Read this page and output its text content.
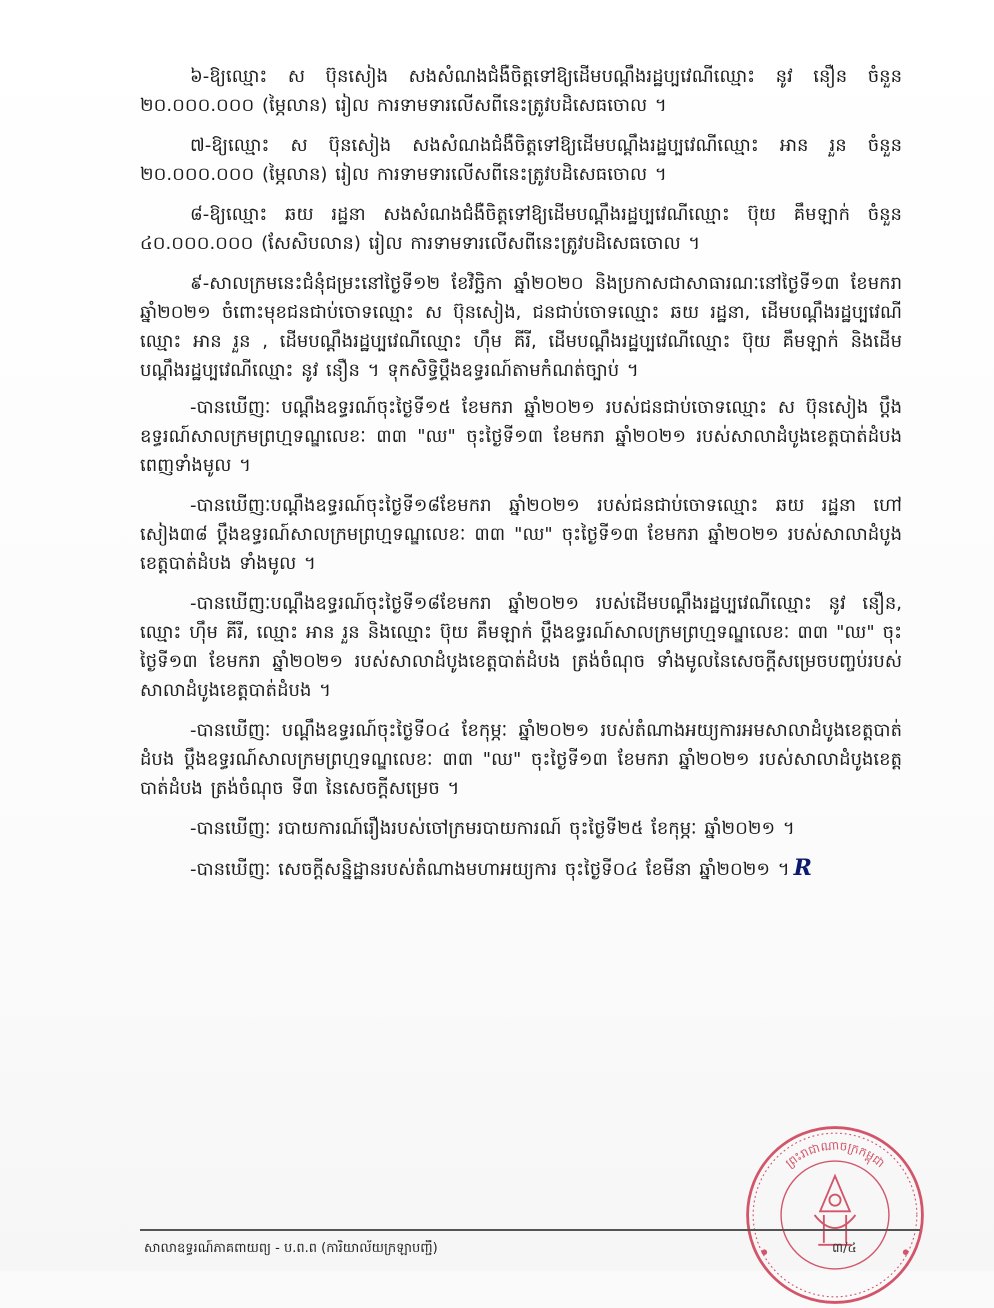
៦-ឱ្យឈ្មោះ ស ប៊ុនសៀង សងសំណងជំងឺចិត្តទៅឱ្យដើមបណ្តឹងរដ្ឋប្បវេណីឈ្មោះ នូវ នឿន ចំនួន ២០.០០០.០០០ (ម្ភៃលាន) រៀល ការទាមទារលើសពីនេះត្រូវបដិសេធចោល ។

៧-ឱ្យឈ្មោះ ស ប៊ុនសៀង សងសំណងជំងឺចិត្តទៅឱ្យដើមបណ្តឹងរដ្ឋប្បវេណីឈ្មោះ អាន រួន ចំនួន ២០.០០០.០០០ (ម្ភៃលាន) រៀល ការទាមទារលើសពីនេះត្រូវបដិសេធចោល ។

៨-ឱ្យឈ្មោះ ឆយ រដ្ឋនា សងសំណងជំងឺចិត្តទៅឱ្យដើមបណ្តឹងរដ្ឋប្បវេណីឈ្មោះ ប៊ុយ គឹមឡាក់ ចំនួន ៤០.០០០.០០០ (សែសិបលាន) រៀល ការទាមទារលើសពីនេះត្រូវបដិសេធចោល ។

៩-សាលក្រមនេះជំនុំជម្រះនៅថ្ងៃទី១២ ខែវិច្ឆិកា ឆ្នាំ២០២០ និងប្រកាសជាសាធារណៈនៅថ្ងៃទី១៣ ខែមករា ឆ្នាំ២០២១ ចំពោះមុខជនជាប់ចោទឈ្មោះ ស ប៊ុនសៀង, ជនជាប់ចោទឈ្មោះ ឆយ រដ្ឋនា, ដើមបណ្តឹងរដ្ឋប្បវេណីឈ្មោះ អាន រួន , ដើមបណ្តឹងរដ្ឋប្បវេណីឈ្មោះ ហ៊ឹម គីរី, ដើមបណ្តឹងរដ្ឋប្បវេណីឈ្មោះ ប៊ុយ គឹមឡាក់ និងដើមបណ្តឹងរដ្ឋប្បវេណីឈ្មោះ នូវ នឿន ។ ទុកសិទ្ធិប្តឹងឧទ្ធរណ៍តាមកំណត់ច្បាប់ ។

-បានឃើញៈ បណ្តឹងឧទ្ធរណ៍ចុះថ្ងៃទី១៥ ខែមករា ឆ្នាំ២០២១ របស់ជនជាប់ចោទឈ្មោះ ស ប៊ុនសៀង ប្តឹងឧទ្ធរណ៍សាលក្រមព្រហ្មទណ្ឌលេខៈ ៣៣ "ឈ" ចុះថ្ងៃទី១៣ ខែមករា ឆ្នាំ២០២១ របស់សាលាដំបូងខេត្តបាត់ដំបង ពេញទាំងមូល ។

-បានឃើញៈបណ្តឹងឧទ្ធរណ៍ចុះថ្ងៃទី១៨ខែមករា ឆ្នាំ២០២១ របស់ជនជាប់ចោទឈ្មោះ ឆយ រដ្ឋនា ហៅ សៀង៣៨ ប្តឹងឧទ្ធរណ៍សាលក្រមព្រហ្មទណ្ឌលេខៈ ៣៣ "ឈ" ចុះថ្ងៃទី១៣ ខែមករា ឆ្នាំ២០២១ របស់សាលាដំបូងខេត្តបាត់ដំបង ទាំងមូល ។

-បានឃើញៈបណ្តឹងឧទ្ធរណ៍ចុះថ្ងៃទី១៨ខែមករា ឆ្នាំ២០២១ របស់ដើមបណ្តឹងរដ្ឋប្បវេណីឈ្មោះ នូវ នឿន, ឈ្មោះ ហ៊ឹម គីរី, ឈ្មោះ អាន រួន និងឈ្មោះ ប៊ុយ គឹមឡាក់ ប្តឹងឧទ្ធរណ៍សាលក្រមព្រហ្មទណ្ឌលេខៈ ៣៣ "ឈ" ចុះថ្ងៃទី១៣ ខែមករា ឆ្នាំ២០២១ របស់សាលាដំបូងខេត្តបាត់ដំបង ត្រង់ចំណុច ទាំងមូលនៃសេចក្តីសម្រេចបញ្ចប់របស់សាលាដំបូងខេត្តបាត់ដំបង ។

-បានឃើញៈ បណ្តឹងឧទ្ធរណ៍ចុះថ្ងៃទី០៤ ខែកុម្ភៈ ឆ្នាំ២០២១ របស់តំណាងអយ្យការអមសាលាដំបូងខេត្តបាត់ដំបង ប្តឹងឧទ្ធរណ៍សាលក្រមព្រហ្មទណ្ឌលេខៈ ៣៣ "ឈ" ចុះថ្ងៃទី១៣ ខែមករា ឆ្នាំ២០២១ របស់សាលាដំបូងខេត្តបាត់ដំបង ត្រង់ចំណុច ទី៣ នៃសេចក្តីសម្រេច ។

-បានឃើញៈ របាយការណ៍រឿងរបស់ចៅក្រមរបាយការណ៍ ចុះថ្ងៃទី២៥ ខែកុម្ភៈ ឆ្នាំ២០២១ ។

-បានឃើញៈ សេចក្តីសន្និដ្ឋានរបស់តំណាងមហាអយ្យការ ចុះថ្ងៃទី០៤ ខែមីនា ឆ្នាំ២០២១ ។ R

ព្រះរាជាណាចក្រកម្ពុជា
សាលាឧទ្ធរណ៍ភាគពាយព្យ - ប.ព.ព (ការិយាល័យក្រឡាបញ្ជី)	៣/៤
